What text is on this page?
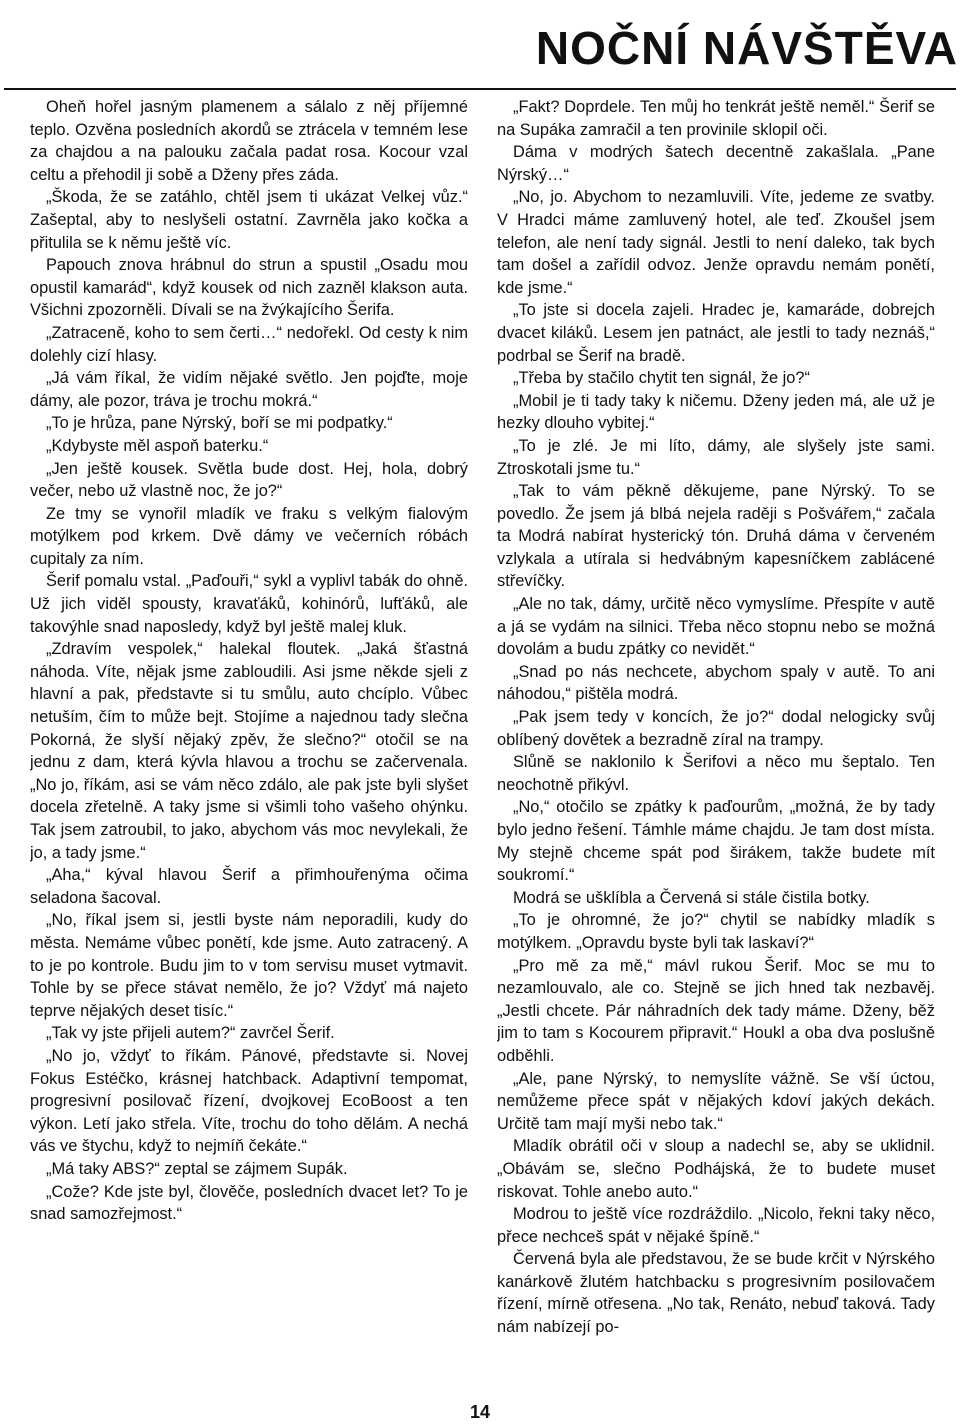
NOČNÍ NÁVŠTĚVA

Oheň hořel jasným plamenem a sálalo z něj příjemné teplo. Ozvěna posledních akordů se ztrácela v temném lese za chajdou a na palouku začala padat rosa. Kocour vzal celtu a přehodil ji sobě a Dženy přes záda.

„Škoda, že se zatáhlo, chtěl jsem ti ukázat Velkej vůz.“ Zašeptal, aby to neslyšeli ostatní. Zavrněla jako kočka a přitulila se k němu ještě víc.

Papouch znova hrábnul do strun a spustil „Osadu mou opustil kamarád“, když kousek od nich zazněl klakson auta. Všichni zpozorněli. Dívali se na žvýkajícího Šerifa.

„Zatraceně, koho to sem čerti…“ nedořekl. Od cesty k nim dolehly cizí hlasy.

„Já vám říkal, že vidím nějaké světlo. Jen pojďte, moje dámy, ale pozor, tráva je trochu mokrá.“

„To je hrůza, pane Nýrský, boří se mi podpatky.“

„Kdybyste měl aspoň baterku.“

„Jen ještě kousek. Světla bude dost. Hej, hola, dobrý večer, nebo už vlastně noc, že jo?“

Ze tmy se vynořil mladík ve fraku s velkým fialovým motýlkem pod krkem. Dvě dámy ve večerních róbách cupitaly za ním.

Šerif pomalu vstal. „Paďouři,“ sykl a vyplivl tabák do ohně. Už jich viděl spousty, kravaťáků, kohinórů, lufťáků, ale takovýhle snad naposledy, když byl ještě malej kluk.

„Zdravím vespolek,“ halekal floutek. „Jaká šťastná náhoda. Víte, nějak jsme zabloudili. Asi jsme někde sjeli z hlavní a pak, představte si tu smůlu, auto chcíplo. Vůbec netuším, čím to může bejt. Stojíme a najednou tady slečna Pokorná, že slyší nějaký zpěv, že slečno?“ otočil se na jednu z dam, která kývla hlavou a trochu se začervenala. „No jo, říkám, asi se vám něco zdálo, ale pak jste byli slyšet docela zřetelně. A taky jsme si všimli toho vašeho ohýnku. Tak jsem zatroubil, to jako, abychom vás moc nevylekali, že jo, a tady jsme.“

„Aha,“ kýval hlavou Šerif a přimhouřenýma očima seladona šacoval.

„No, říkal jsem si, jestli byste nám neporadili, kudy do města. Nemáme vůbec ponětí, kde jsme. Auto zatracený. A to je po kontrole. Budu jim to v tom servisu muset vytmavit. Tohle by se přece stávat nemělo, že jo? Vždyť má najeto teprve nějakých deset tisíc.“

„Tak vy jste přijeli autem?“ zavrčel Šerif.

„No jo, vždyť to říkám. Pánové, představte si. Novej Fokus Estéčko, krásnej hatchback. Adaptivní tempomat, progresivní posilovač řízení, dvojkovej EcoBoost a ten výkon. Letí jako střela. Víte, trochu do toho dělám. A nechá vás ve štychu, když to nejmíň čekáte.“

„Má taky ABS?“ zeptal se zájmem Supák.

„Cože? Kde jste byl, člověče, posledních dvacet let? To je snad samozřejmost.“

„Fakt? Doprdele. Ten můj ho tenkrát ještě neměl.“ Šerif se na Supáka zamračil a ten provinile sklopil oči.

Dáma v modrých šatech decentně zakašlala. „Pane Nýrský…“

„No, jo. Abychom to nezamluvili. Víte, jedeme ze svatby. V Hradci máme zamluvený hotel, ale teď. Zkoušel jsem telefon, ale není tady signál. Jestli to není daleko, tak bych tam došel a zařídil odvoz. Jenže opravdu nemám ponětí, kde jsme.“

„To jste si docela zajeli. Hradec je, kamaráde, dobrejch dvacet kiláků. Lesem jen patnáct, ale jestli to tady neznáš,“ podrbal se Šerif na bradě.

„Třeba by stačilo chytit ten signál, že jo?“

„Mobil je ti tady taky k ničemu. Dženy jeden má, ale už je hezky dlouho vybitej.“

„To je zlé. Je mi líto, dámy, ale slyšely jste sami. Ztroskotali jsme tu.“

„Tak to vám pěkně děkujeme, pane Nýrský. To se povedlo. Že jsem já blbá nejela raději s Pošvářem,“ začala ta Modrá nabírat hysterický tón. Druhá dáma v červeném vzlykala a utírala si hedvábným kapesníčkem zablácené střevíčky.

„Ale no tak, dámy, určitě něco vymyslíme. Přespíte v autě a já se vydám na silnici. Třeba něco stopnu nebo se možná dovolám a budu zpátky co nevidět.“

„Snad po nás nechcete, abychom spaly v autě. To ani náhodou,“ pištěla modrá.

„Pak jsem tedy v koncích, že jo?“ dodal nelogicky svůj oblíbený dovětek a bezradně zíral na trampy.

Slůně se naklonilo k Šerifovi a něco mu šeptalo. Ten neochotně přikývl.

„No,“ otočilo se zpátky k paďourům, „možná, že by tady bylo jedno řešení. Támhle máme chajdu. Je tam dost místa. My stejně chceme spát pod širákem, takže budete mít soukromí.“

Modrá se ušklíbla a Červená si stále čistila botky.

„To je ohromné, že jo?“ chytil se nabídky mladík s motýlkem. „Opravdu byste byli tak laskaví?“

„Pro mě za mě,“ mávl rukou Šerif. Moc se mu to nezamlouvalo, ale co. Stejně se jich hned tak nezbavěj. „Jestli chcete. Pár náhradních dek tady máme. Dženy, běž jim to tam s Kocourem připravit.“ Houkl a oba dva poslušně odběhli.

„Ale, pane Nýrský, to nemyslíte vážně. Se vší úctou, nemůžeme přece spát v nějakých kdoví jakých dekách. Určitě tam mají myši nebo tak.“

Mladík obrátil oči v sloup a nadechl se, aby se uklidnil. „Obávám se, slečno Podhájská, že to budete muset riskovat. Tohle anebo auto.“

Modrou to ještě více rozdráždilo. „Nicolo, řekni taky něco, přece nechceš spát v nějaké špíně.“

Červená byla ale představou, že se bude krčit v Nýrského kanárkově žlutém hatchbacku s progresivním posilovačem řízení, mírně otřesena. „No tak, Renáto, nebuď taková. Tady nám nabízejí po-

14
